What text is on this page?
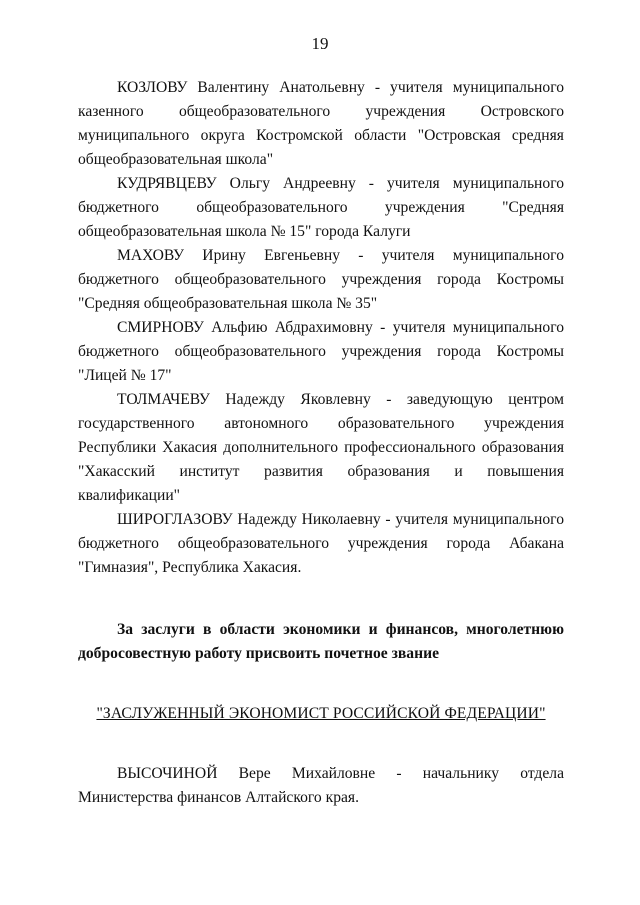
19

КОЗЛОВУ Валентину Анатольевну - учителя муниципального казенного общеобразовательного учреждения Островского муниципального округа Костромской области "Островская средняя общеобразовательная школа"

КУДРЯВЦЕВУ Ольгу Андреевну - учителя муниципального бюджетного общеобразовательного учреждения "Средняя общеобразовательная школа № 15" города Калуги

МАХОВУ Ирину Евгеньевну - учителя муниципального бюджетного общеобразовательного учреждения города Костромы "Средняя общеобразовательная школа № 35"

СМИРНОВУ Альфию Абдрахимовну - учителя муниципального бюджетного общеобразовательного учреждения города Костромы "Лицей № 17"

ТОЛМАЧЕВУ Надежду Яковлевну - заведующую центром государственного автономного образовательного учреждения Республики Хакасия дополнительного профессионального образования "Хакасский институт развития образования и повышения квалификации"

ШИРОГЛАЗОВУ Надежду Николаевну - учителя муниципального бюджетного общеобразовательного учреждения города Абакана "Гимназия", Республика Хакасия.

За заслуги в области экономики и финансов, многолетнюю добросовестную работу присвоить почетное звание

"ЗАСЛУЖЕННЫЙ ЭКОНОМИСТ РОССИЙСКОЙ ФЕДЕРАЦИИ"

ВЫСОЧИНОЙ Вере Михайловне - начальнику отдела Министерства финансов Алтайского края.
